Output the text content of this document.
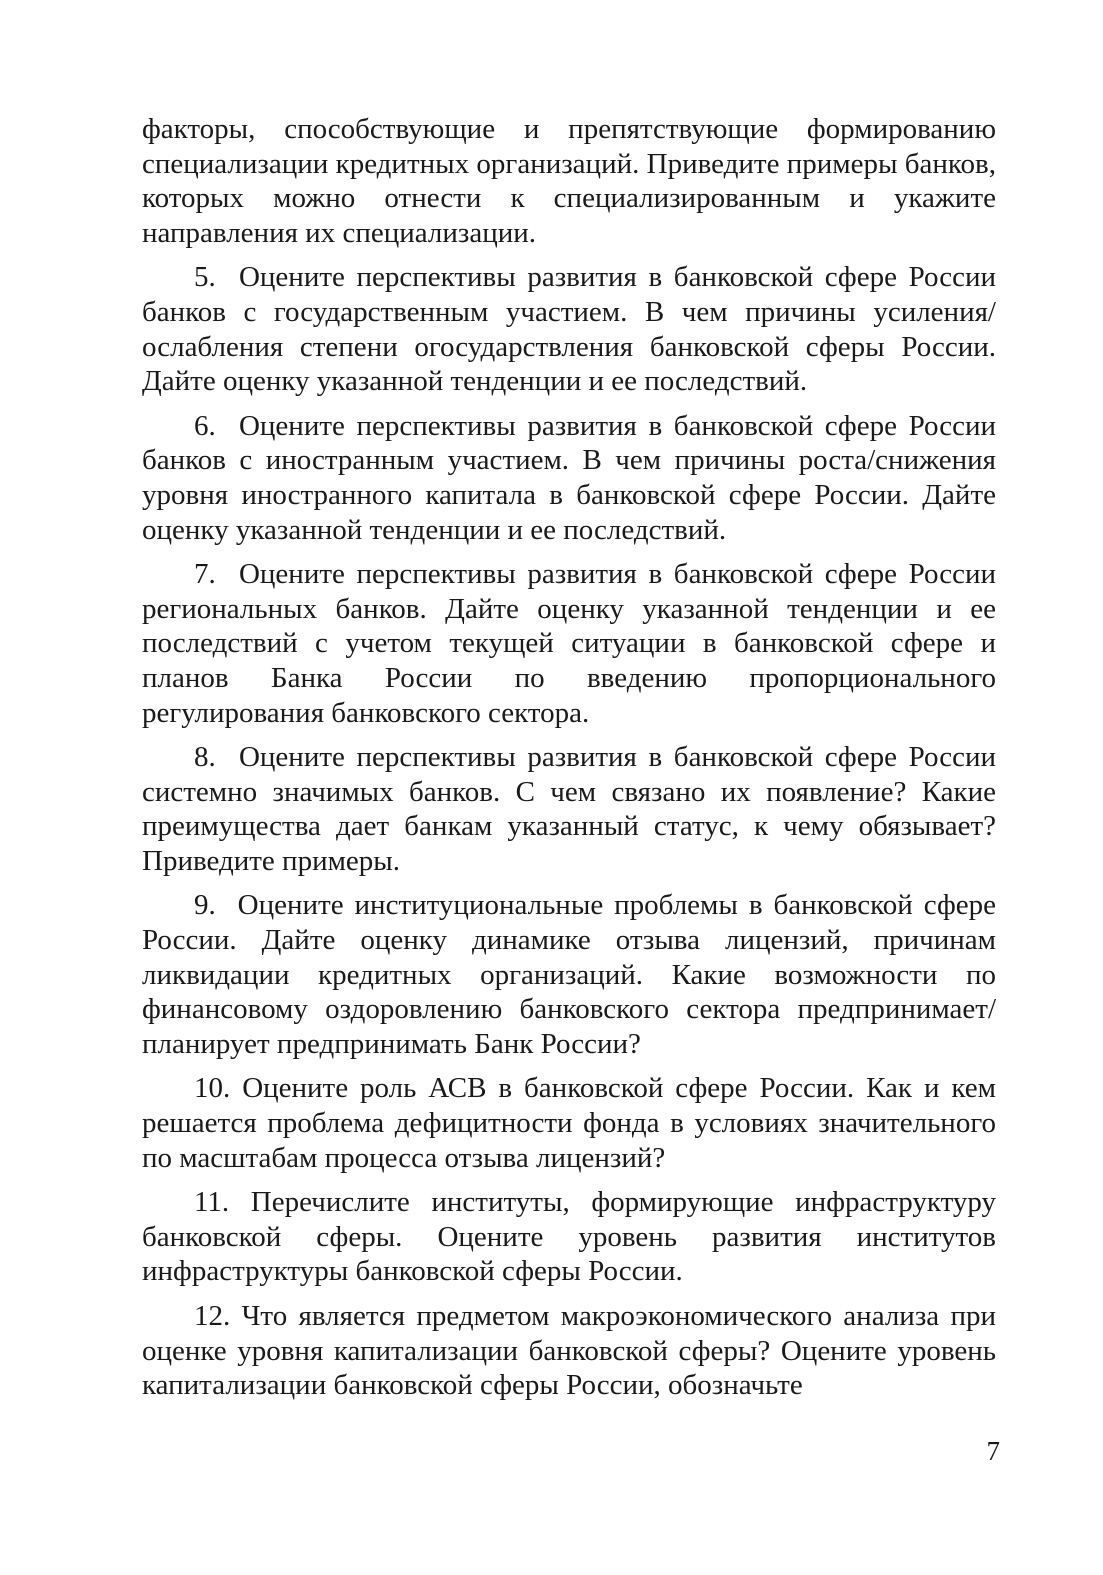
факторы, способствующие и препятствующие формированию специализации кредитных организаций. Приведите примеры банков, которых можно отнести к специализированным и укажите направления их специализации.

5.  Оцените перспективы развития в банковской сфере России банков с государственным участием. В чем причины усиления/ослабления степени огосударствления банковской сферы России. Дайте оценку указанной тенденции и ее последствий.

6.  Оцените перспективы развития в банковской сфере России банков с иностранным участием. В чем причины роста/снижения уровня иностранного капитала в банковской сфере России. Дайте оценку указанной тенденции и ее последствий.

7.  Оцените перспективы развития в банковской сфере России региональных банков. Дайте оценку указанной тенденции и ее последствий с учетом текущей ситуации в банковской сфере и планов Банка России по введению пропорционального регулирования банковского сектора.

8.  Оцените перспективы развития в банковской сфере России системно значимых банков. С чем связано их появление? Какие преимущества дает банкам указанный статус, к чему обязывает? Приведите примеры.

9.  Оцените институциональные проблемы в банковской сфере России. Дайте оценку динамике отзыва лицензий, причинам ликвидации кредитных организаций. Какие возможности по финансовому оздоровлению банковского сектора предпринимает/планирует предпринимать Банк России?

10. Оцените роль АСВ в банковской сфере России. Как и кем решается проблема дефицитности фонда в условиях значительного по масштабам процесса отзыва лицензий?

11. Перечислите институты, формирующие инфраструктуру банковской сферы. Оцените уровень развития институтов инфраструктуры банковской сферы России.

12. Что является предметом макроэкономического анализа при оценке уровня капитализации банковской сферы? Оцените уровень капитализации банковской сферы России, обозначьте

7
